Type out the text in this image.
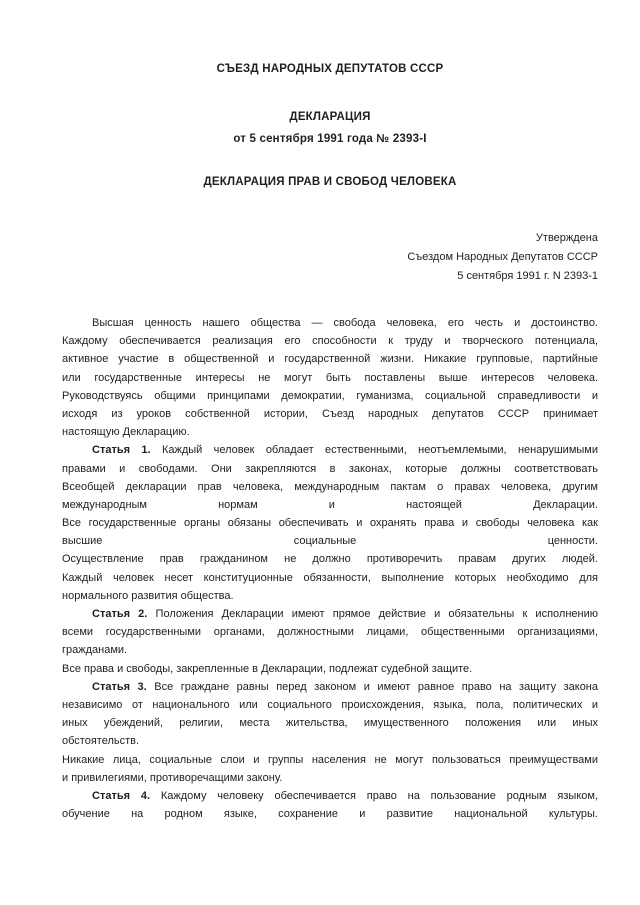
СЪЕЗД НАРОДНЫХ ДЕПУТАТОВ СССР
ДЕКЛАРАЦИЯ
от 5 сентября 1991 года № 2393-I
ДЕКЛАРАЦИЯ ПРАВ И СВОБОД ЧЕЛОВЕКА
Утверждена
Съездом Народных Депутатов СССР
5 сентября 1991 г. N 2393-1
Высшая ценность нашего общества — свобода человека, его честь и достоинство.
Каждому обеспечивается реализация его способности к труду и творческого потенциала,
активное участие в общественной и государственной жизни. Никакие групповые, партийные
или государственные интересы не могут быть поставлены выше интересов человека.
Руководствуясь общими принципами демократии, гуманизма, социальной справедливости и
исходя из уроков собственной истории, Съезд народных депутатов СССР принимает
настоящую Декларацию.
Статья 1. Каждый человек обладает естественными, неотъемлемыми, ненарушимыми
правами и свободами. Они закрепляются в законах, которые должны соответствовать
Всеобщей декларации прав человека, международным пактам о правах человека, другим
международным нормам и настоящей Декларации.
Все государственные органы обязаны обеспечивать и охранять права и свободы человека как
высшие социальные ценности.
Осуществление прав гражданином не должно противоречить правам других людей.
Каждый человек несет конституционные обязанности, выполнение которых необходимо для
нормального развития общества.
Статья 2. Положения Декларации имеют прямое действие и обязательны к исполнению
всеми государственными органами, должностными лицами, общественными организациями,
гражданами.
Все права и свободы, закрепленные в Декларации, подлежат судебной защите.
Статья 3. Все граждане равны перед законом и имеют равное право на защиту закона
независимо от национального или социального происхождения, языка, пола, политических и
иных убеждений, религии, места жительства, имущественного положения или иных
обстоятельств.
Никакие лица, социальные слои и группы населения не могут пользоваться преимуществами
и привилегиями, противоречащими закону.
Статья 4. Каждому человеку обеспечивается право на пользование родным языком,
обучение на родном языке, сохранение и развитие национальной культуры.
